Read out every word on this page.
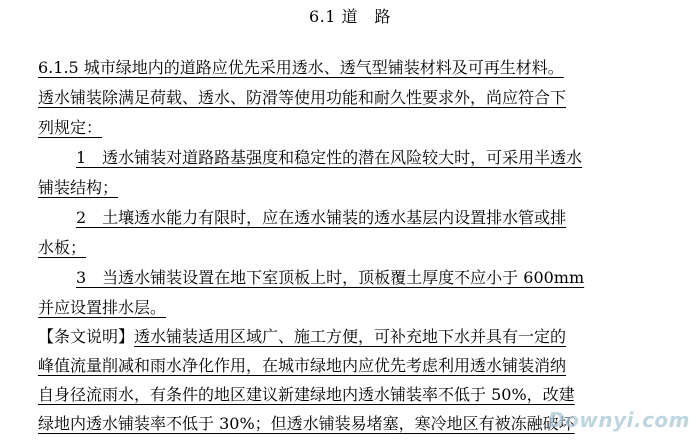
6.1 道　路
6.1.5 城市绿地内的道路应优先采用透水、透气型铺装材料及可再生材料。
透水铺装除满足荷载、透水、防滑等使用功能和耐久性要求外，尚应符合下
列规定：
1　透水铺装对道路路基强度和稳定性的潜在风险较大时，可采用半透水
铺装结构；
2　土壤透水能力有限时，应在透水铺装的透水基层内设置排水管或排
水板；
3　当透水铺装设置在地下室顶板上时，顶板覆土厚度不应小于 600mm
并应设置排水层。
【条文说明】透水铺装适用区域广、施工方便，可补充地下水并具有一定的
峰值流量削减和雨水净化作用，在城市绿地内应优先考虑利用透水铺装消纳
自身径流雨水，有条件的地区建议新建绿地内透水铺装率不低于 50%，改建
绿地内透水铺装率不低于 30%；但透水铺装易堵塞，寒冷地区有被冻融破坏
Downyi.com
